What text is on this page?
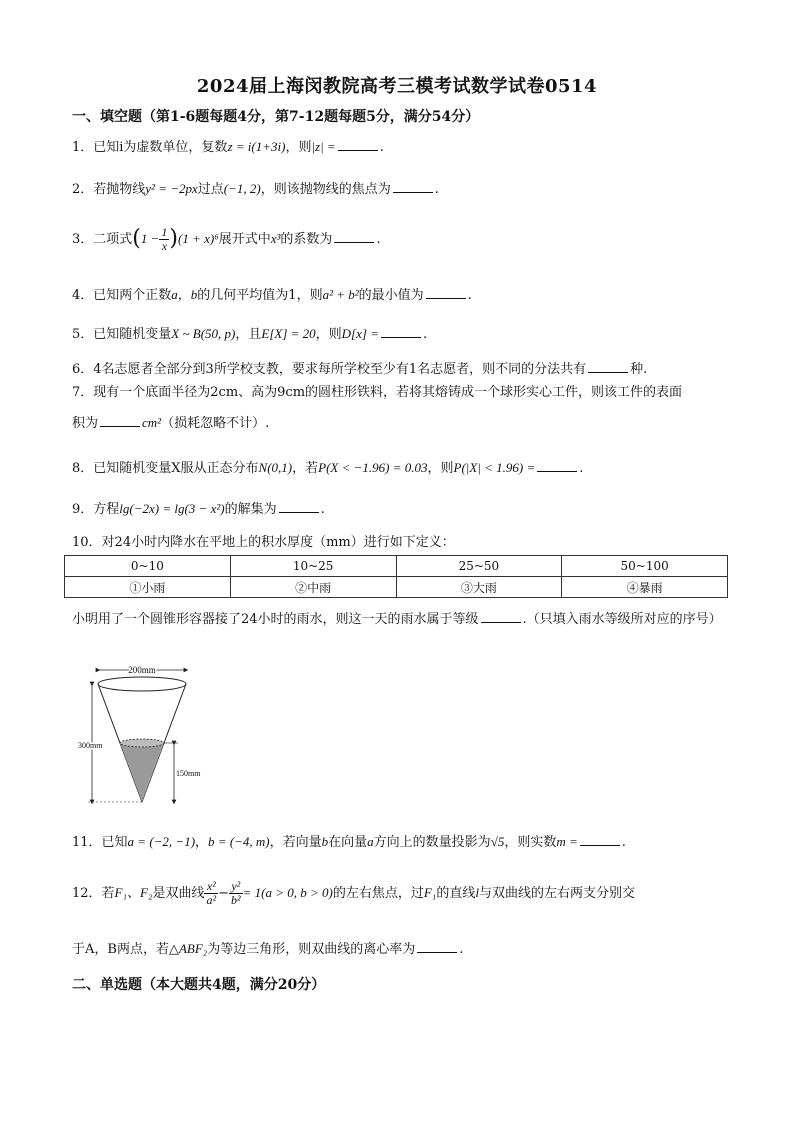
2024届上海闵教院高考三模考试数学试卷0514
一、填空题（第1-6题每题4分，第7-12题每题5分，满分54分）
1．已知i为虚数单位，复数z = i(1+3i)，则|z| =	.
2．若抛物线y² = −2px过点(−1, 2)，则该抛物线的焦点为	.
3．二项式$(1 - \frac{1}{x} )(1 + x)^6$展开式中x³的系数为	.
4．已知两个正数a，b的几何平均值为1，则a² + b²的最小值为	.
5．已知随机变量X ~ B(50, p)，且E[X] = 20，则D[x] =	.
6．4名志愿者全部分到3所学校支教，要求每所学校至少有1名志愿者，则不同的分法共有	种.
7．现有一个底面半径为2cm、高为9cm的圆柱形铁料，若将其熔铸成一个球形实心工件，则该工件的表面
积为	cm²（损耗忽略不计）.
8．已知随机变量X服从正态分布N(0,1)，若P(X < −1.96) = 0.03，则P(|X| < 1.96) =	.
9．方程lg(−2x) = lg(3 − x²)的解集为	.
10．对24小时内降水在平地上的积水厚度（mm）进行如下定义：
0~10	10~25	25~50	50~100
①小雨	②中雨	③大雨	④暴雨
小明用了一个圆锥形容器接了24小时的雨水，则这一天的雨水属于等级	.（只填入雨水等级所对应的序号）
200mm
300mm
150mm
11．已知a = (−2, −1)，b = (−4, m)，若向量b在向量a方向上的数量投影为√5，则实数m =	.
12．若F₁、F₂是双曲线 $\frac{\text{x²}}{\text{a²}} - \frac{\text{y²}}{\text{b²}} = 1(a > 0$, b > 0)的左右焦点，过F₁的直线l与双曲线的左右两支分别交
于A，B两点，若△ABF₂为等边三角形，则双曲线的离心率为	.
二、单选题（本大题共4题，满分20分）
